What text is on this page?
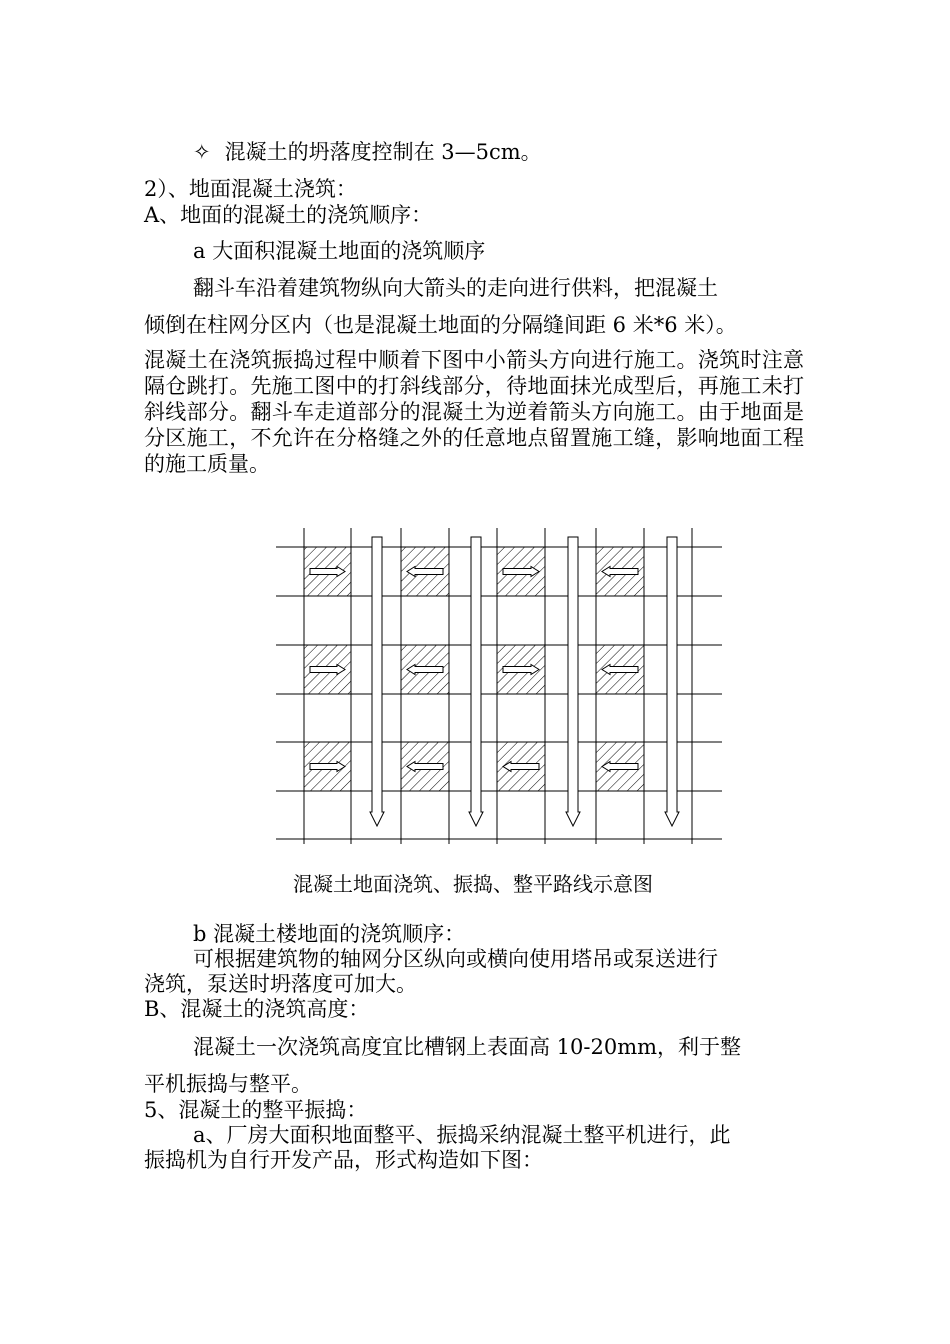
✧ 混凝土的坍落度控制在 3—5cm。
2）、地面混凝土浇筑：
A、地面的混凝土的浇筑顺序：
a 大面积混凝土地面的浇筑顺序
翻斗车沿着建筑物纵向大箭头的走向进行供料，把混凝土
倾倒在柱网分区内（也是混凝土地面的分隔缝间距 6 米*6 米）。
混凝土在浇筑振捣过程中顺着下图中小箭头方向进行施工。浇筑时注意隔仓跳打。先施工图中的打斜线部分，待地面抹光成型后，再施工未打斜线部分。翻斗车走道部分的混凝土为逆着箭头方向施工。由于地面是分区施工，不允许在分格缝之外的任意地点留置施工缝，影响地面工程的施工质量。
混凝土地面浇筑、振捣、整平路线示意图
b 混凝土楼地面的浇筑顺序：
可根据建筑物的轴网分区纵向或横向使用塔吊或泵送进行
浇筑，泵送时坍落度可加大。
B、混凝土的浇筑高度：
混凝土一次浇筑高度宜比槽钢上表面高 10-20mm，利于整
平机振捣与整平。
5、混凝土的整平振捣：
a、厂房大面积地面整平、振捣采纳混凝土整平机进行，此
振捣机为自行开发产品，形式构造如下图：
